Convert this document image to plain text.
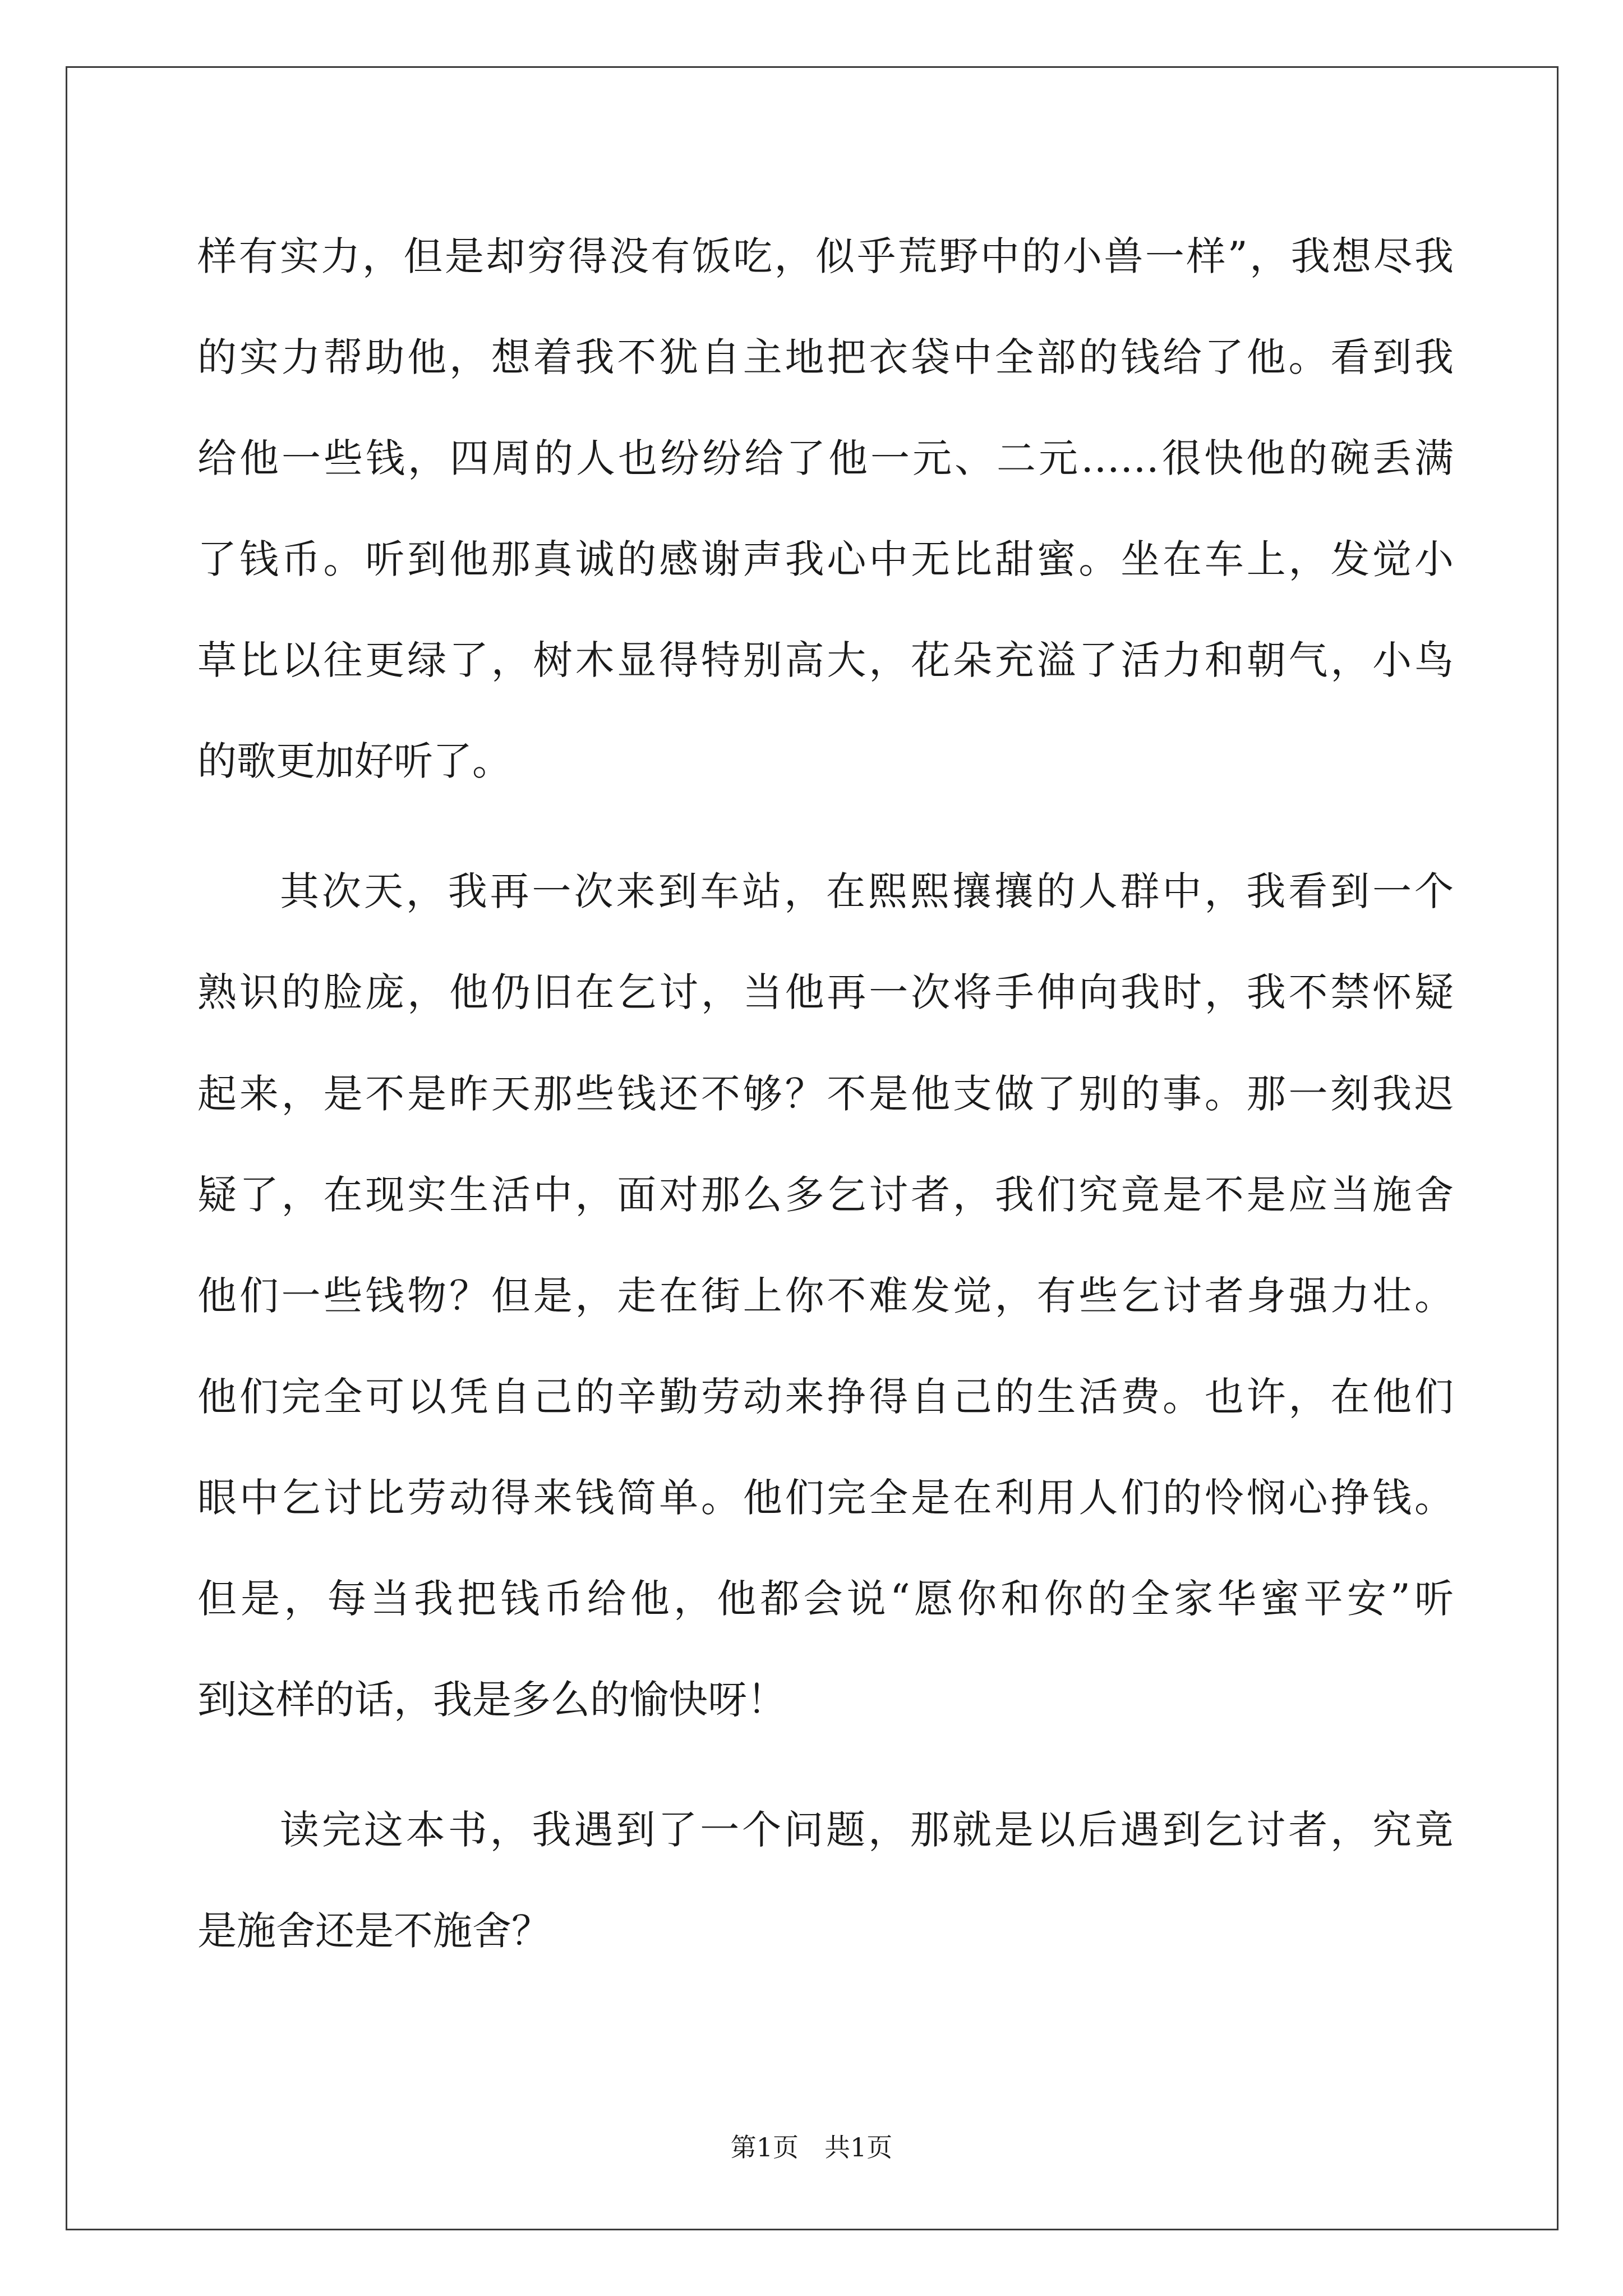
样有实力，但是却穷得没有饭吃，似乎荒野中的小兽一样”，我想尽我
的实力帮助他，想着我不犹自主地把衣袋中全部的钱给了他。看到我
给他一些钱，四周的人也纷纷给了他一元、二元……很快他的碗丢满
了钱币。听到他那真诚的感谢声我心中无比甜蜜。坐在车上，发觉小
草比以往更绿了，树木显得特别高大，花朵充溢了活力和朝气，小鸟
的歌更加好听了。
其次天，我再一次来到车站，在熙熙攘攘的人群中，我看到一个
熟识的脸庞，他仍旧在乞讨，当他再一次将手伸向我时，我不禁怀疑
起来，是不是昨天那些钱还不够？不是他支做了别的事。那一刻我迟
疑了，在现实生活中，面对那么多乞讨者，我们究竟是不是应当施舍
他们一些钱物？但是，走在街上你不难发觉，有些乞讨者身强力壮。
他们完全可以凭自己的辛勤劳动来挣得自己的生活费。也许，在他们
眼中乞讨比劳动得来钱简单。他们完全是在利用人们的怜悯心挣钱。
但是，每当我把钱币给他，他都会说“愿你和你的全家华蜜平安”听
到这样的话，我是多么的愉快呀！
读完这本书，我遇到了一个问题，那就是以后遇到乞讨者，究竟
是施舍还是不施舍？
第1页　共1页
